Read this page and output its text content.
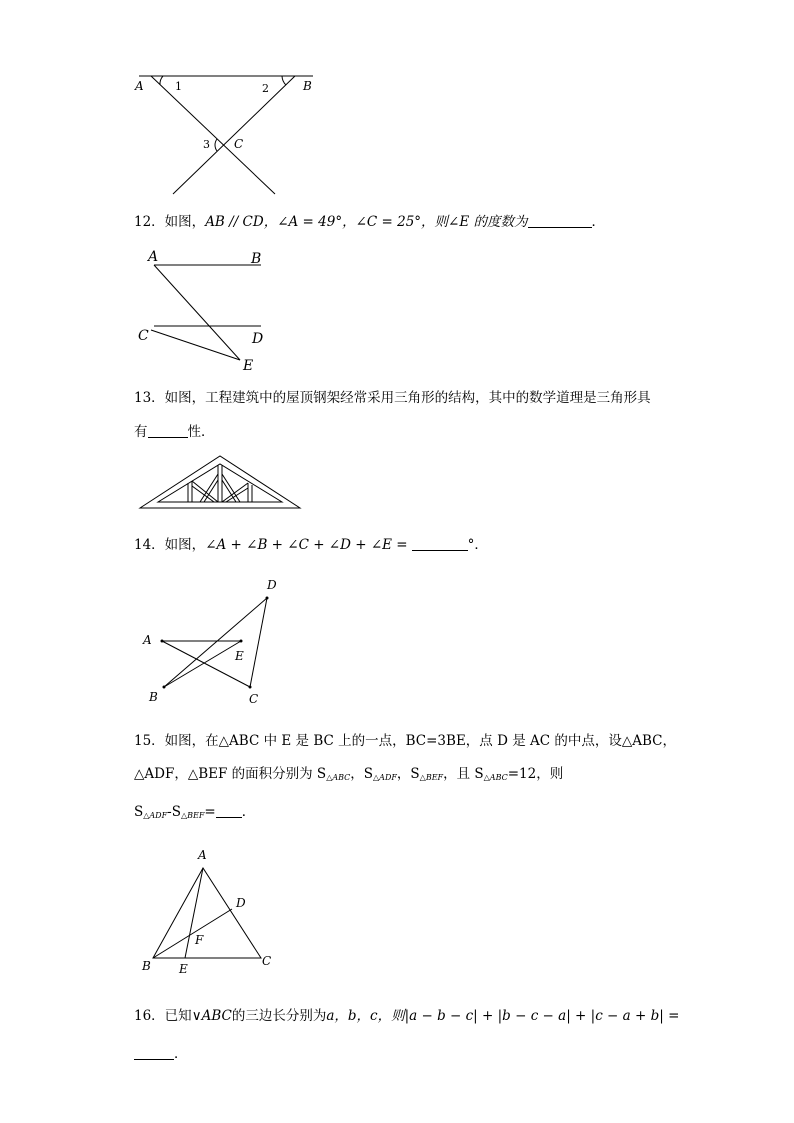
A	1	2	B
3 C
12．如图，AB // CD，∠A = 49°，∠C = 25°，则∠E 的度数为	．
A	B
C	D
E
13．如图，工程建筑中的屋顶钢架经常采用三角形的结构，其中的数学道理是三角形具
有	性．
14．如图，∠A + ∠B + ∠C + ∠D + ∠E =	°．
A
B	C
D
E
15．如图，在△ABC 中 E 是 BC 上的一点，BC=3BE，点 D 是 AC 的中点，设△ABC，
△ADF，△BEF 的面积分别为 $S_{\triangle ABC}$，$S_{\triangle ADF}$，$S_{\triangle BEF}$，且 $S_{\triangle ABC}=12$，则
$S_{\triangle ADF}-S_{\triangle BEF}=$ ．
A
B	C
D
E
F
16．已知∨ABC的三边长分别为a，b，c，则|a − b − c| + |b − c − a| + |c − a + b| =
．
